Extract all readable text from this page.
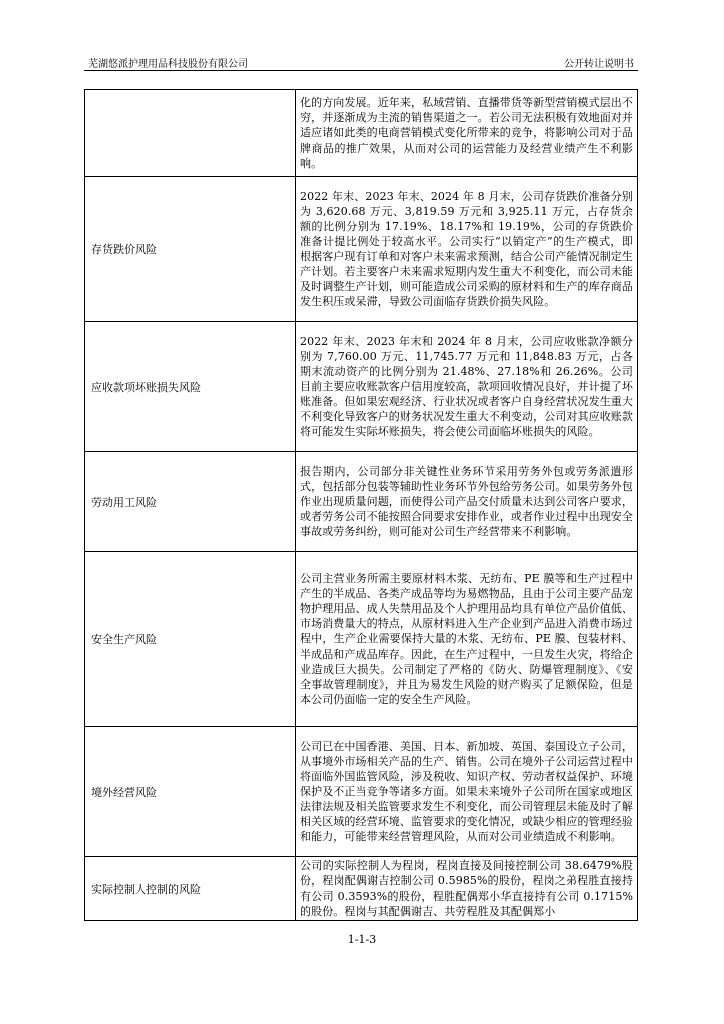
芜湖悠派护理用品科技股份有限公司	公开转让说明书
	化的方向发展。近年来，私域营销、直播带货等新型营销模式层出不穷，并逐渐成为主流的销售渠道之一。若公司无法积极有效地面对并适应诸如此类的电商营销模式变化所带来的竞争，将影响公司对于品牌商品的推广效果，从而对公司的运营能力及经营业绩产生不利影响。
存货跌价风险	2022 年末、2023 年末、2024 年 8 月末，公司存货跌价准备分别为 3,620.68 万元、3,819.59 万元和 3,925.11 万元，占存货余额的比例分别为 17.19%、18.17%和 19.19%，公司的存货跌价准备计提比例处于较高水平。公司实行“以销定产”的生产模式，即根据客户现有订单和对客户未来需求预测，结合公司产能情况制定生产计划。若主要客户未来需求短期内发生重大不利变化，而公司未能及时调整生产计划，则可能造成公司采购的原材料和生产的库存商品发生积压或呆滞，导致公司面临存货跌价损失风险。
应收款项坏账损失风险	2022 年末、2023 年末和 2024 年 8 月末，公司应收账款净额分别为 7,760.00 万元、11,745.77 万元和 11,848.83 万元，占各期末流动资产的比例分别为 21.48%、27.18%和 26.26%。公司目前主要应收账款客户信用度较高，款项回收情况良好，并计提了坏账准备。但如果宏观经济、行业状况或者客户自身经营状况发生重大不利变化导致客户的财务状况发生重大不利变动，公司对其应收账款将可能发生实际坏账损失，将会使公司面临坏账损失的风险。
劳动用工风险	报告期内，公司部分非关键性业务环节采用劳务外包或劳务派遣形式，包括部分包装等辅助性业务环节外包给劳务公司。如果劳务外包作业出现质量问题，而使得公司产品交付质量未达到公司客户要求，或者劳务公司不能按照合同要求安排作业，或者作业过程中出现安全事故或劳务纠纷，则可能对公司生产经营带来不利影响。
安全生产风险	公司主营业务所需主要原材料木浆、无纺布、PE 膜等和生产过程中产生的半成品、各类产成品等均为易燃物品，且由于公司主要产品宠物护理用品、成人失禁用品及个人护理用品均具有单位产品价值低、市场消费量大的特点，从原材料进入生产企业到产品进入消费市场过程中，生产企业需要保持大量的木浆、无纺布、PE 膜、包装材料、半成品和产成品库存。因此，在生产过程中，一旦发生火灾，将给企业造成巨大损失。公司制定了严格的《防火、防爆管理制度》、《安全事故管理制度》，并且为易发生风险的财产购买了足额保险，但是本公司仍面临一定的安全生产风险。
境外经营风险	公司已在中国香港、美国、日本、新加坡、英国、泰国设立子公司，从事境外市场相关产品的生产、销售。公司在境外子公司运营过程中将面临外国监管风险，涉及税收、知识产权、劳动者权益保护、环境保护及不正当竞争等诸多方面。如果未来境外子公司所在国家或地区法律法规及相关监管要求发生不利变化，而公司管理层未能及时了解相关区域的经营环境、监管要求的变化情况，或缺少相应的管理经验和能力，可能带来经营管理风险，从而对公司业绩造成不利影响。
实际控制人控制的风险	公司的实际控制人为程岗，程岗直接及间接控制公司 38.6479%股份，程岗配偶谢吉控制公司 0.5985%的股份，程岗之弟程胜直接持有公司 0.3593%的股份，程胜配偶郑小华直接持有公司 0.1715%的股份。程岗与其配偶谢吉、共劳程胜及其配偶郑小
1-1-3
